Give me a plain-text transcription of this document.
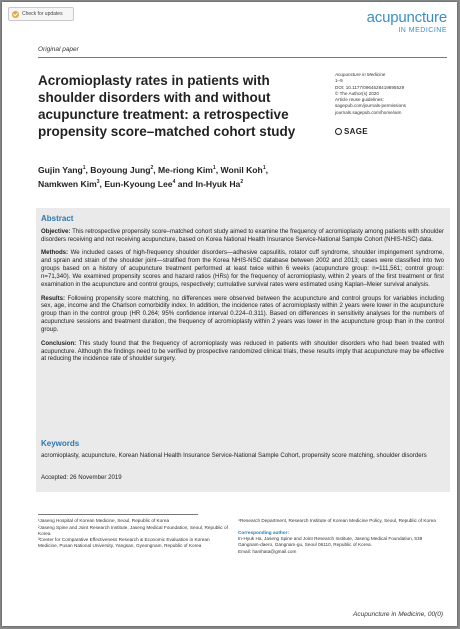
Check for updates	acupuncture
IN MEDICINE
Original paper
Acromioplasty rates in patients with shoulder disorders with and without acupuncture treatment: a retrospective propensity score–matched cohort study
Acupuncture in Medicine
1–9
DOI: 10.1177/0964528419895529
© The Author(s) 2020
Article reuse guidelines:
sagepub.com/journals-permissions
journals.sagepub.com/home/aim
SAGE
Gujin Yang$^1$, Boyoung Jung$^2$, Me-riong Kim$^1$, Wonil Koh$^1$,
Namkwen Kim$^3$, Eun-Kyoung Lee$^4$ and In-Hyuk Ha$^2$
Abstract

Objective: This retrospective propensity score–matched cohort study aimed to examine the frequency of acromioplasty among patients with shoulder disorders receiving and not receiving acupuncture, based on Korea National Health Insurance Service-National Sample Cohort (NHIS-NSC) data.

Methods: We included cases of high-frequency shoulder disorders—adhesive capsulitis, rotator cuff syndrome, shoulder impingement syndrome, and sprain and strain of the shoulder joint—stratified from the Korea NHIS-NSC database between 2002 and 2013; cases were classified into two groups based on a history of acupuncture treatment performed at least twice within 6 weeks (acupuncture group: n=111,561; control group: n=71,340). We examined propensity scores and hazard ratios (HRs) for the frequency of acromioplasty, within 2 years of the first treatment or first examination in the acupuncture and control groups, respectively; cumulative survival rates were estimated using Kaplan–Meier survival analysis.

Results: Following propensity score matching, no differences were observed between the acupuncture and control groups for variables including sex, age, income and the Charlson comorbidity index. In addition, the incidence rates of acromioplasty within 2 years were lower in the acupuncture group than in the control group (HR 0.264; 95% confidence interval 0.224–0.311). Based on differences in sensitivity analyses for the numbers of acupuncture sessions and treatment duration, the frequency of acromioplasty within 2 years was lower in the acupuncture group than in the control group.

Conclusion: This study found that the frequency of acromioplasty was reduced in patients with shoulder disorders who had been treated with acupuncture. Although the findings need to be verified by prospective randomized clinical trials, these results imply that acupuncture may be effective at reducing the incidence rate of shoulder surgery.

Keywords
acromioplasty, acupuncture, Korean National Health Insurance Service-National Sample Cohort, propensity score matching, shoulder disorders
Accepted: 26 November 2019

¹Jaseng Hospital of Korean Medicine, Seoul, Republic of Korea

²Jaseng Spine and Joint Research Institute, Jaseng Medical Foundation, Seoul, Republic of Korea

³Center for Comparative Effectiveness Research & Economic Evaluation in Korean Medicine, Pusan National University, Yangsan, Gyeongnam, Republic of Korea

⁴Research Department, Research Institute of Korean Medicine Policy, Seoul, Republic of Korea

Corresponding author:

In-Hyuk Ha, Jaseng Spine and Joint Research Institute, Jaseng Medical Foundation, 538 Gangnam-daero, Gangnam-gu, Seoul 06110, Republic of Korea.

Email: hanihata@gmail.com

Acupuncture in Medicine, 00(0)
